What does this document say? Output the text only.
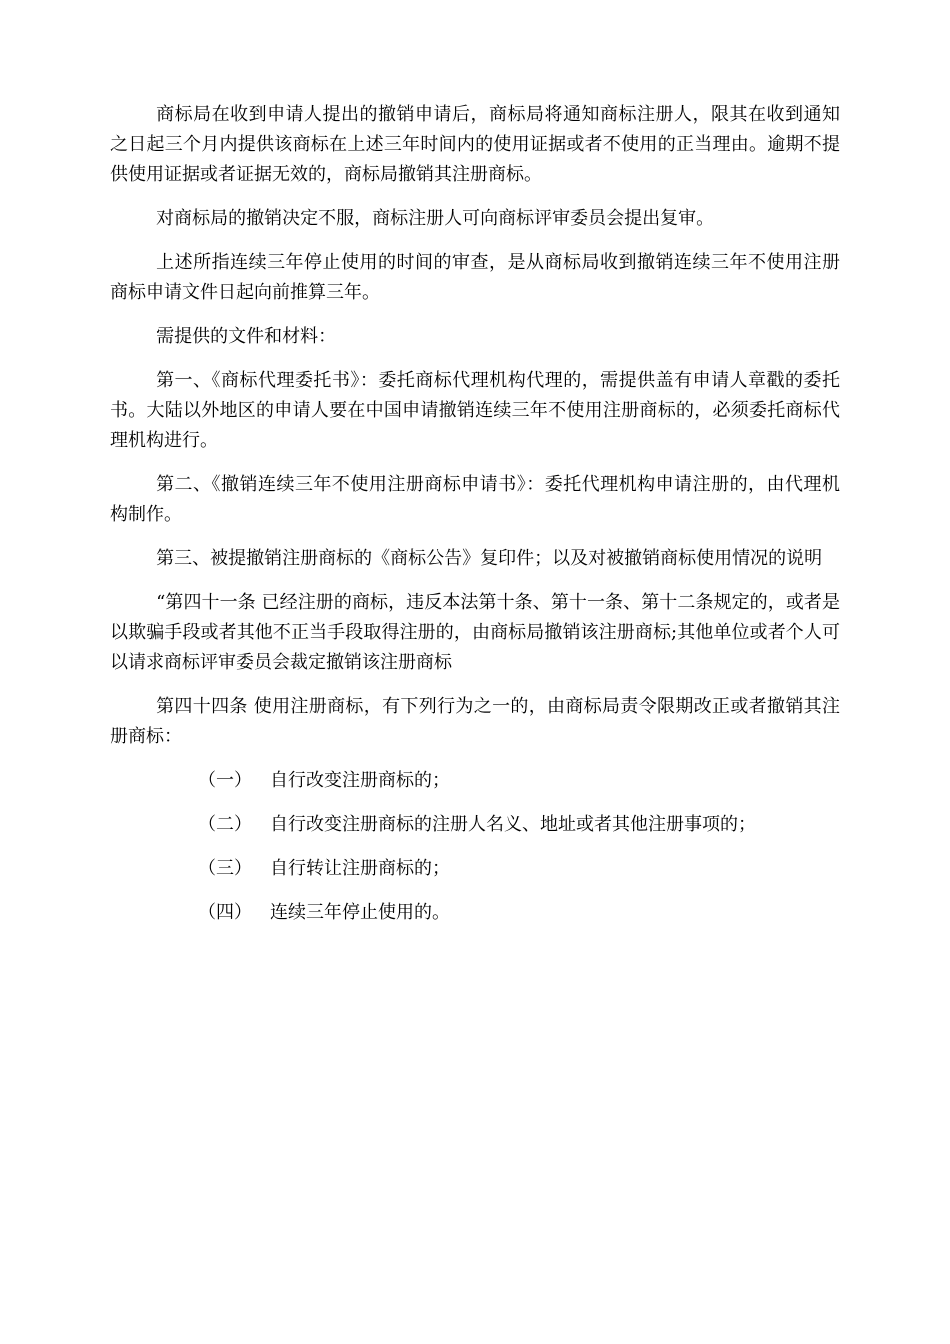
商标局在收到申请人提出的撤销申请后，商标局将通知商标注册人，限其在收到通知之日起三个月内提供该商标在上述三年时间内的使用证据或者不使用的正当理由。逾期不提供使用证据或者证据无效的，商标局撤销其注册商标。

对商标局的撤销决定不服，商标注册人可向商标评审委员会提出复审。

上述所指连续三年停止使用的时间的审查，是从商标局收到撤销连续三年不使用注册商标申请文件日起向前推算三年。

需提供的文件和材料：

第一、《商标代理委托书》：委托商标代理机构代理的，需提供盖有申请人章戳的委托书。大陆以外地区的申请人要在中国申请撤销连续三年不使用注册商标的，必须委托商标代理机构进行。

第二、《撤销连续三年不使用注册商标申请书》：委托代理机构申请注册的，由代理机构制作。

第三、被提撤销注册商标的《商标公告》复印件；以及对被撤销商标使用情况的说明

“第四十一条 已经注册的商标，违反本法第十条、第十一条、第十二条规定的，或者是以欺骗手段或者其他不正当手段取得注册的，由商标局撤销该注册商标;其他单位或者个人可以请求商标评审委员会裁定撤销该注册商标

第四十四条 使用注册商标，有下列行为之一的，由商标局责令限期改正或者撤销其注册商标：

（一） 自行改变注册商标的；
（二） 自行改变注册商标的注册人名义、地址或者其他注册事项的；
（三） 自行转让注册商标的；
（四） 连续三年停止使用的。
